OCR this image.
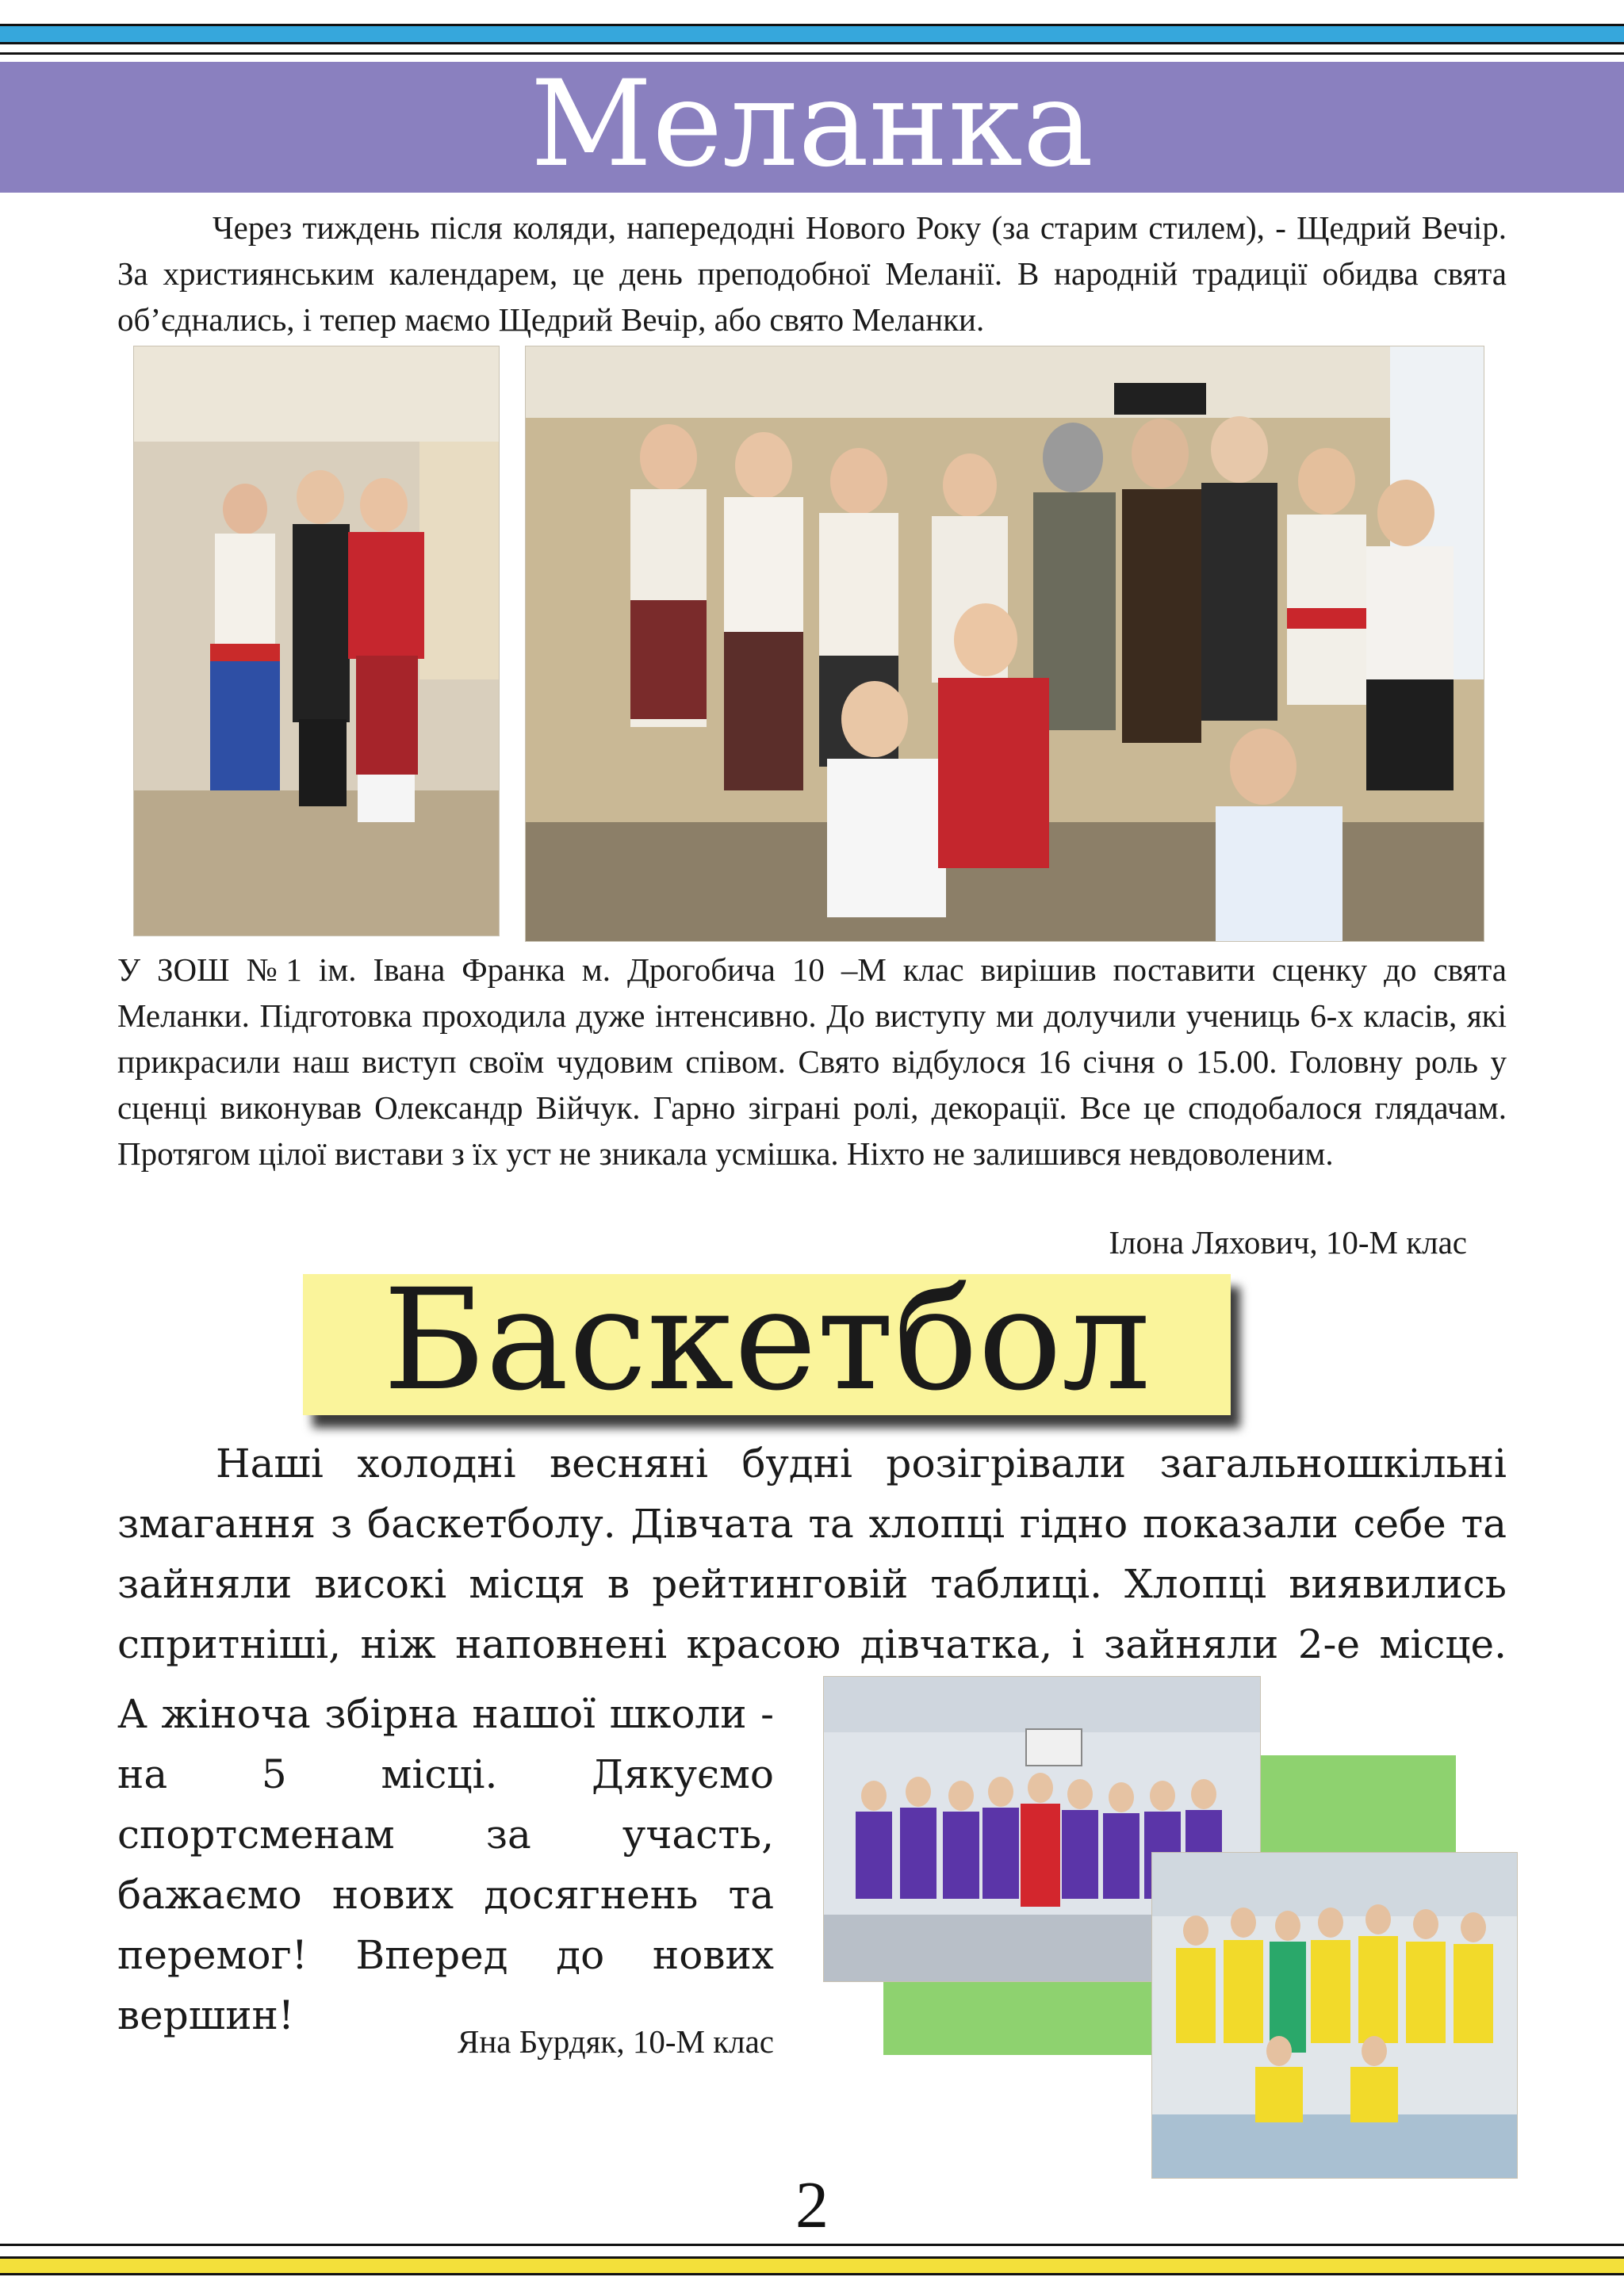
Меланка

Через тиждень після коляди, напередодні Нового Року (за старим стилем), - Щедрий Вечір. За християнським календарем, це день преподобної Меланії. В народній традиції обидва свята об’єднались, і тепер маємо Щедрий Вечір, або свято Меланки.

У ЗОШ №1 ім. Івана Франка м. Дрогобича 10 –М клас вирішив поставити сценку до свята Меланки. Підготовка проходила дуже інтенсивно. До виступу ми долучили учениць 6-х класів, які прикрасили наш виступ своїм чудовим співом. Свято відбулося 16 січня о 15.00. Головну роль у сценці виконував Олександр Війчук. Гарно зіграні ролі, декорації. Все це сподобалося глядачам. Протягом цілої вистави з їх уст не зникала усмішка. Ніхто не залишився невдоволеним.

Ілона Ляхович, 10-М клас
Баскетбол

Наші холодні весняні будні розігрівали загальношкільні змагання з баскетболу. Дівчата та хлопці гідно показали себе та зайняли високі місця в рейтинговій таблиці. Хлопці виявились спритніші, ніж наповнені красою дівчатка, і зайняли 2-е місце.

А жіноча збірна нашої школи - на 5 місці. Дякуємо спортсменам за участь, бажаємо нових досягнень та перемог! Вперед до нових вершин!

Яна Бурдяк, 10-М клас
2
